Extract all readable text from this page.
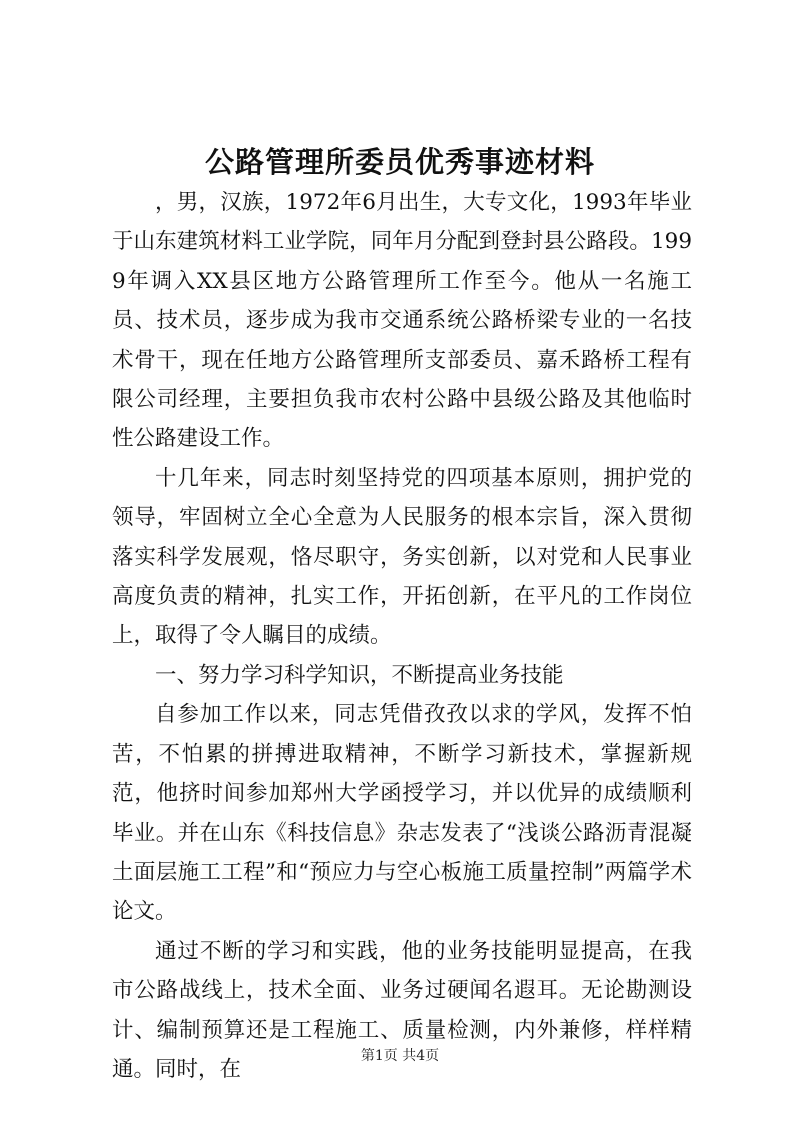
公路管理所委员优秀事迹材料

，男，汉族，1972年6月出生，大专文化，1993年毕业于山东建筑材料工业学院，同年月分配到登封县公路段。1999年调入XX县区地方公路管理所工作至今。他从一名施工员、技术员，逐步成为我市交通系统公路桥梁专业的一名技术骨干，现在任地方公路管理所支部委员、嘉禾路桥工程有限公司经理，主要担负我市农村公路中县级公路及其他临时性公路建设工作。

十几年来，同志时刻坚持党的四项基本原则，拥护党的领导，牢固树立全心全意为人民服务的根本宗旨，深入贯彻落实科学发展观，恪尽职守，务实创新，以对党和人民事业高度负责的精神，扎实工作，开拓创新，在平凡的工作岗位上，取得了令人瞩目的成绩。

一、努力学习科学知识，不断提高业务技能

自参加工作以来，同志凭借孜孜以求的学风，发挥不怕苦，不怕累的拼搏进取精神，不断学习新技术，掌握新规范，他挤时间参加郑州大学函授学习，并以优异的成绩顺利毕业。并在山东《科技信息》杂志发表了“浅谈公路沥青混凝土面层施工工程”和“预应力与空心板施工质量控制”两篇学术论文。

通过不断的学习和实践，他的业务技能明显提高，在我市公路战线上，技术全面、业务过硬闻名遐耳。无论勘测设计、编制预算还是工程施工、质量检测，内外兼修，样样精通。同时，在

第1页 共4页
